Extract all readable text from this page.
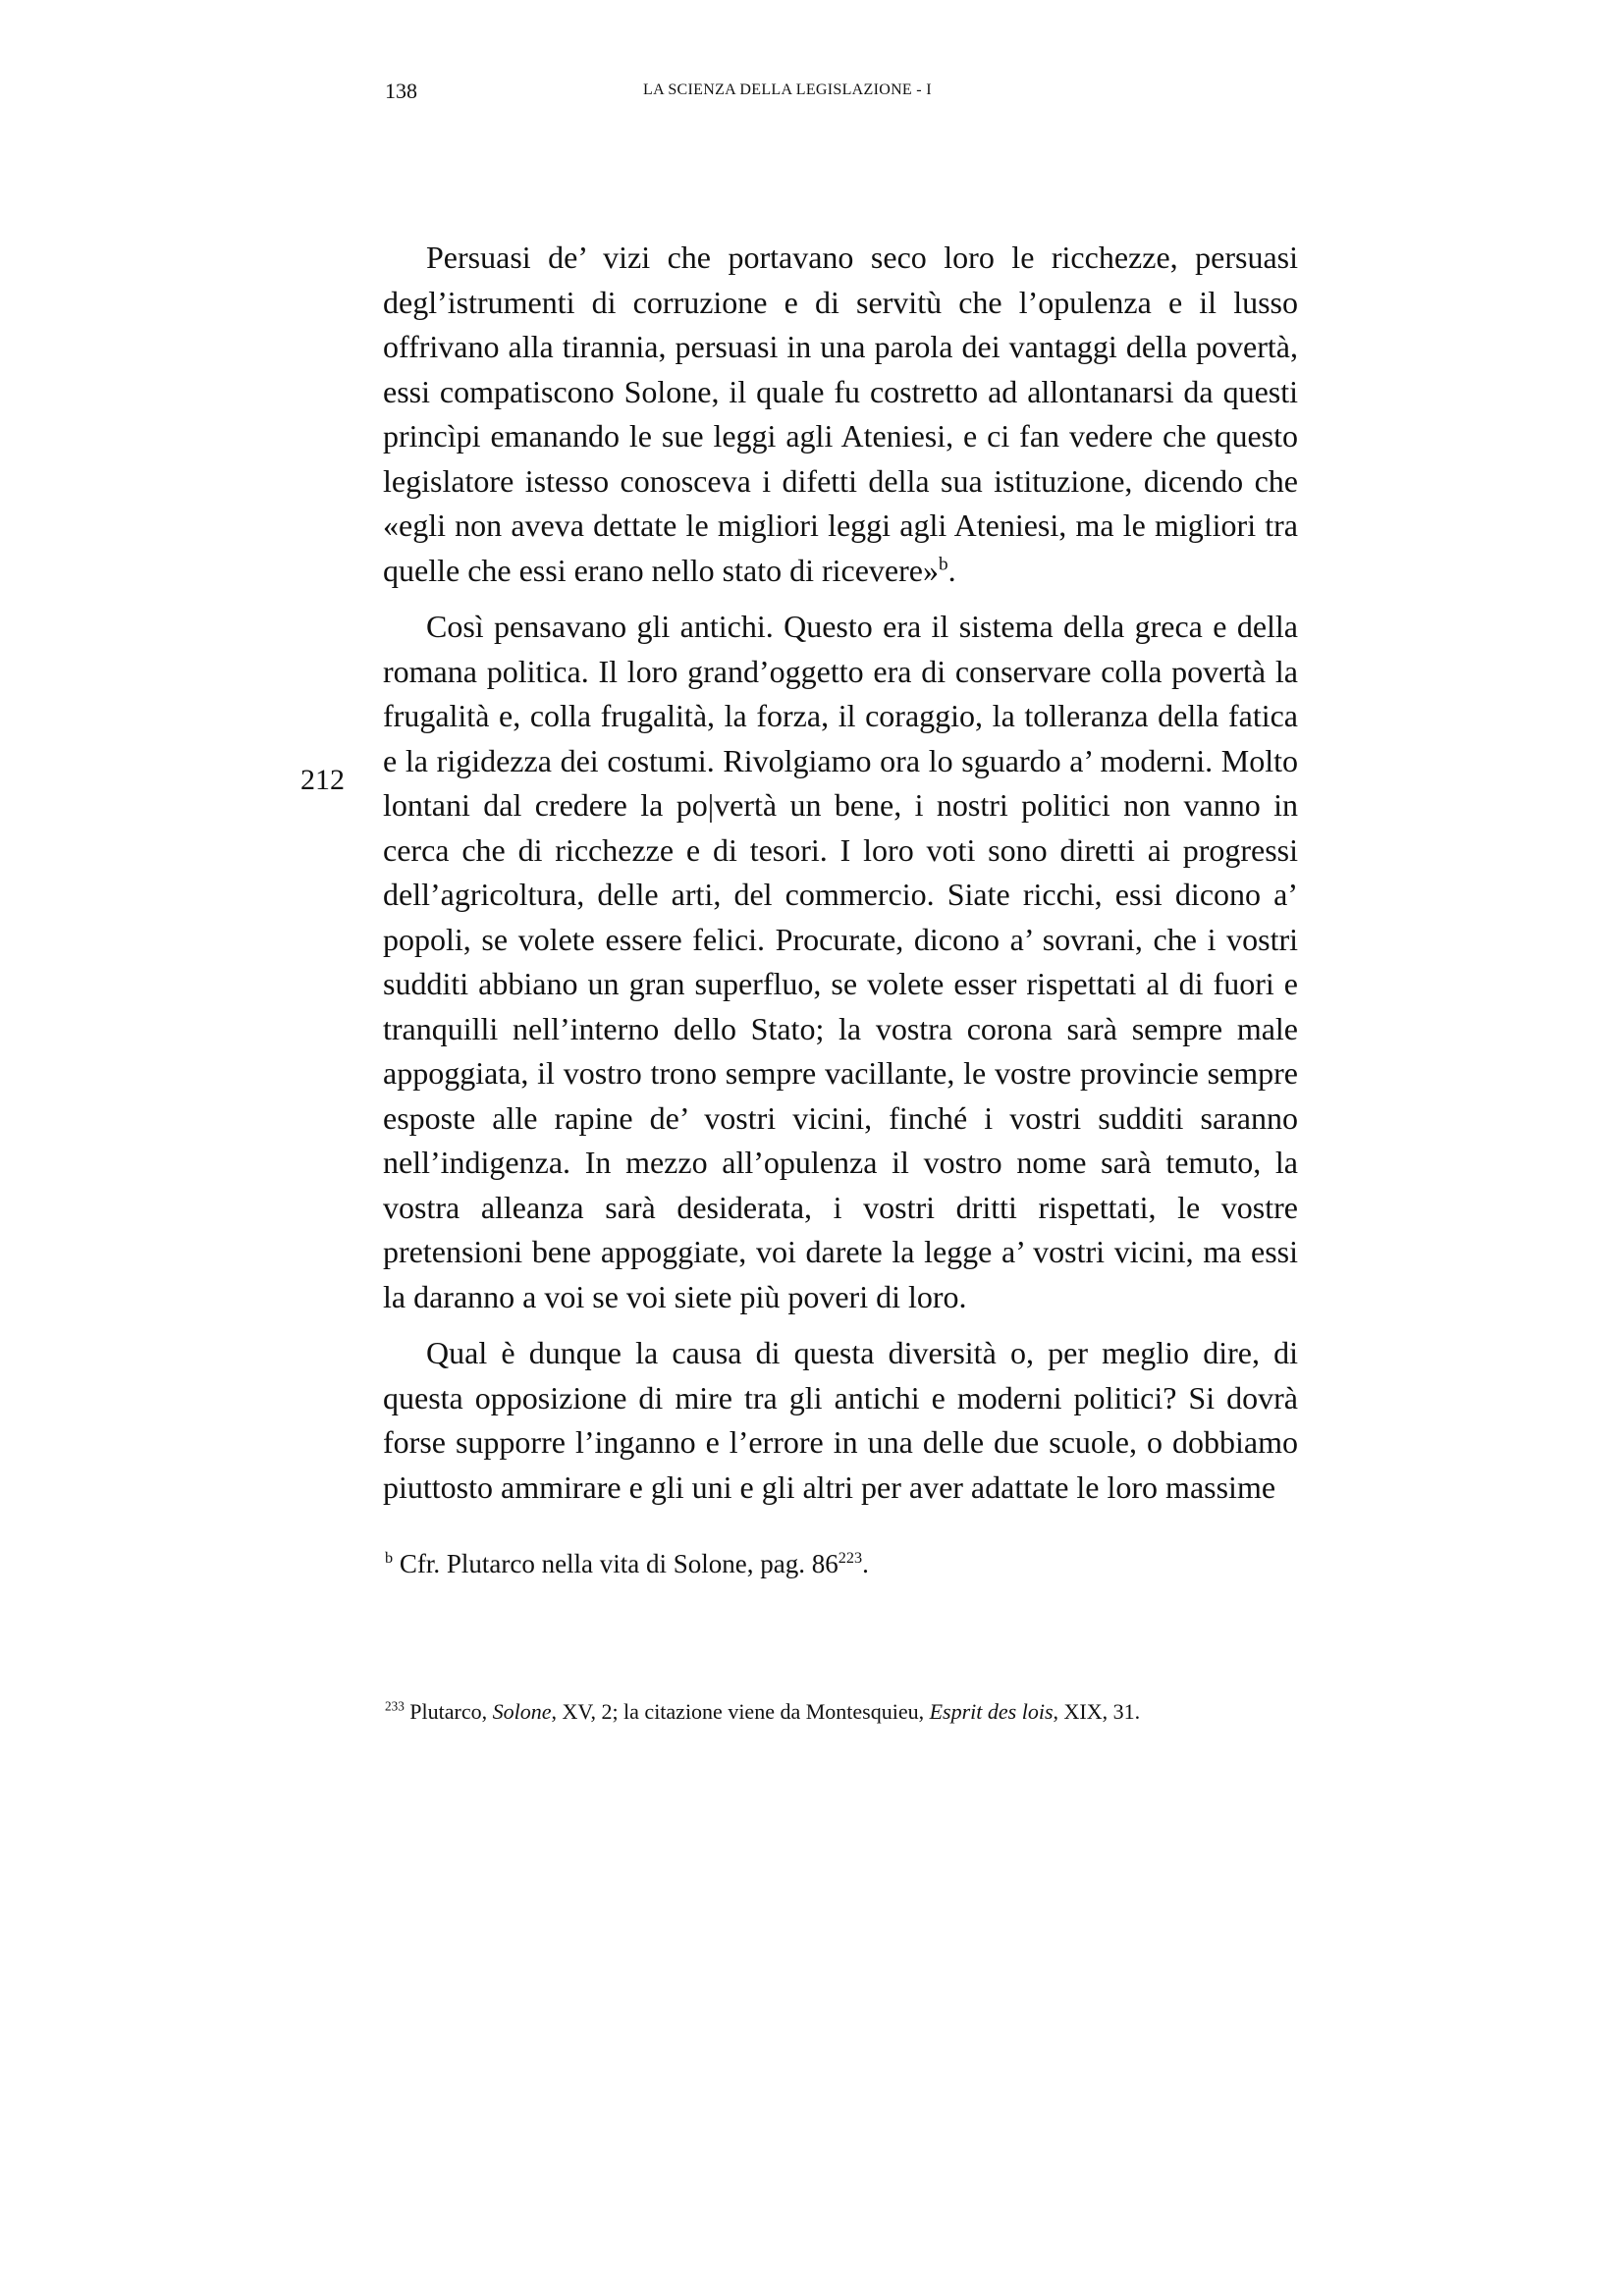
138	LA SCIENZA DELLA LEGISLAZIONE - I
212

Persuasi de’ vizi che portavano seco loro le ricchezze, persuasi degl’istrumenti di corruzione e di servitù che l’opulenza e il lusso offrivano alla tirannia, persuasi in una parola dei vantaggi della povertà, essi compatiscono Solone, il quale fu costretto ad allontanarsi da questi princìpi emanando le sue leggi agli Ateniesi, e ci fan vedere che questo legislatore istesso conosceva i difetti della sua istituzione, dicendo che «egli non aveva dettate le migliori leggi agli Ateniesi, ma le migliori tra quelle che essi erano nello stato di ricevere»$^b$.

Così pensavano gli antichi. Questo era il sistema della greca e della romana politica. Il loro grand’oggetto era di conservare colla povertà la frugalità e, colla frugalità, la forza, il coraggio, la tolleranza della fatica e la rigidezza dei costumi. Rivolgiamo ora lo sguardo a’ moderni. Molto lontani dal credere la po|vertà un bene, i nostri politici non vanno in cerca che di ricchezze e di tesori. I loro voti sono diretti ai progressi dell’agricoltura, delle arti, del commercio. Siate ricchi, essi dicono a’ popoli, se volete essere felici. Procurate, dicono a’ sovrani, che i vostri sudditi abbiano un gran superfluo, se volete esser rispettati al di fuori e tranquilli nell’interno dello Stato; la vostra corona sarà sempre male appoggiata, il vostro trono sempre vacillante, le vostre provincie sempre esposte alle rapine de’ vostri vicini, finché i vostri sudditi saranno nell’indigenza. In mezzo all’opulenza il vostro nome sarà temuto, la vostra alleanza sarà desiderata, i vostri dritti rispettati, le vostre pretensioni bene appoggiate, voi darete la legge a’ vostri vicini, ma essi la daranno a voi se voi siete più poveri di loro.

Qual è dunque la causa di questa diversità o, per meglio dire, di questa opposizione di mire tra gli antichi e moderni politici? Si dovrà forse supporre l’inganno e l’errore in una delle due scuole, o dobbiamo piuttosto ammirare e gli uni e gli altri per aver adattate le loro massime

$^b$ Cfr. Plutarco nella vita di Solone, pag. $86^{223}$.
$^{233}$ Plutarco, Solone, XV, 2; la citazione viene da Montesquieu, Esprit des lois, XIX, 31.
